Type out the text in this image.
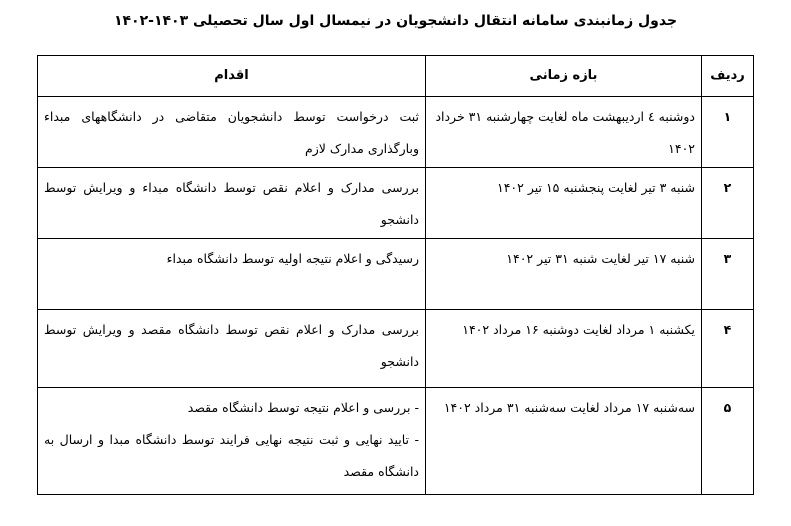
جدول زمانبندی سامانه انتقال دانشجویان در نیمسال اول سال تحصیلی ۱۴۰۳-۱۴۰۲
ردیف	بازه زمانی	اقدام
۱	دوشنبه ٤ اردیبهشت ماه لغایت چهارشنبه ۳۱ خرداد ۱۴۰۲	ثبت درخواست توسط دانشجویان متقاضی در دانشگاههای مبداء وبارگذاری مدارک لازم

۲	شنبه ۳ تیر لغایت پنجشنبه ۱۵ تیر ۱۴۰۲	بررسی مدارک و اعلام نقص توسط دانشگاه مبداء و ویرایش توسط دانشجو

۳	شنبه ۱۷ تیر لغایت شنبه ۳۱ تیر ۱۴۰۲	رسیدگی و اعلام نتیجه اولیه توسط دانشگاه مبداء

۴	یکشنبه ۱ مرداد لغایت دوشنبه ۱۶ مرداد ۱۴۰۲	بررسی مدارک و اعلام نقص توسط دانشگاه مقصد و ویرایش توسط دانشجو

۵	سه‌شنبه ۱۷ مرداد لغایت سه‌شنبه ۳۱ مرداد ۱۴۰۲	- بررسی و اعلام نتیجه توسط دانشگاه مقصد
- تایید نهایی و ثبت نتیجه نهایی فرایند توسط دانشگاه مبدا و ارسال به دانشگاه مقصد
